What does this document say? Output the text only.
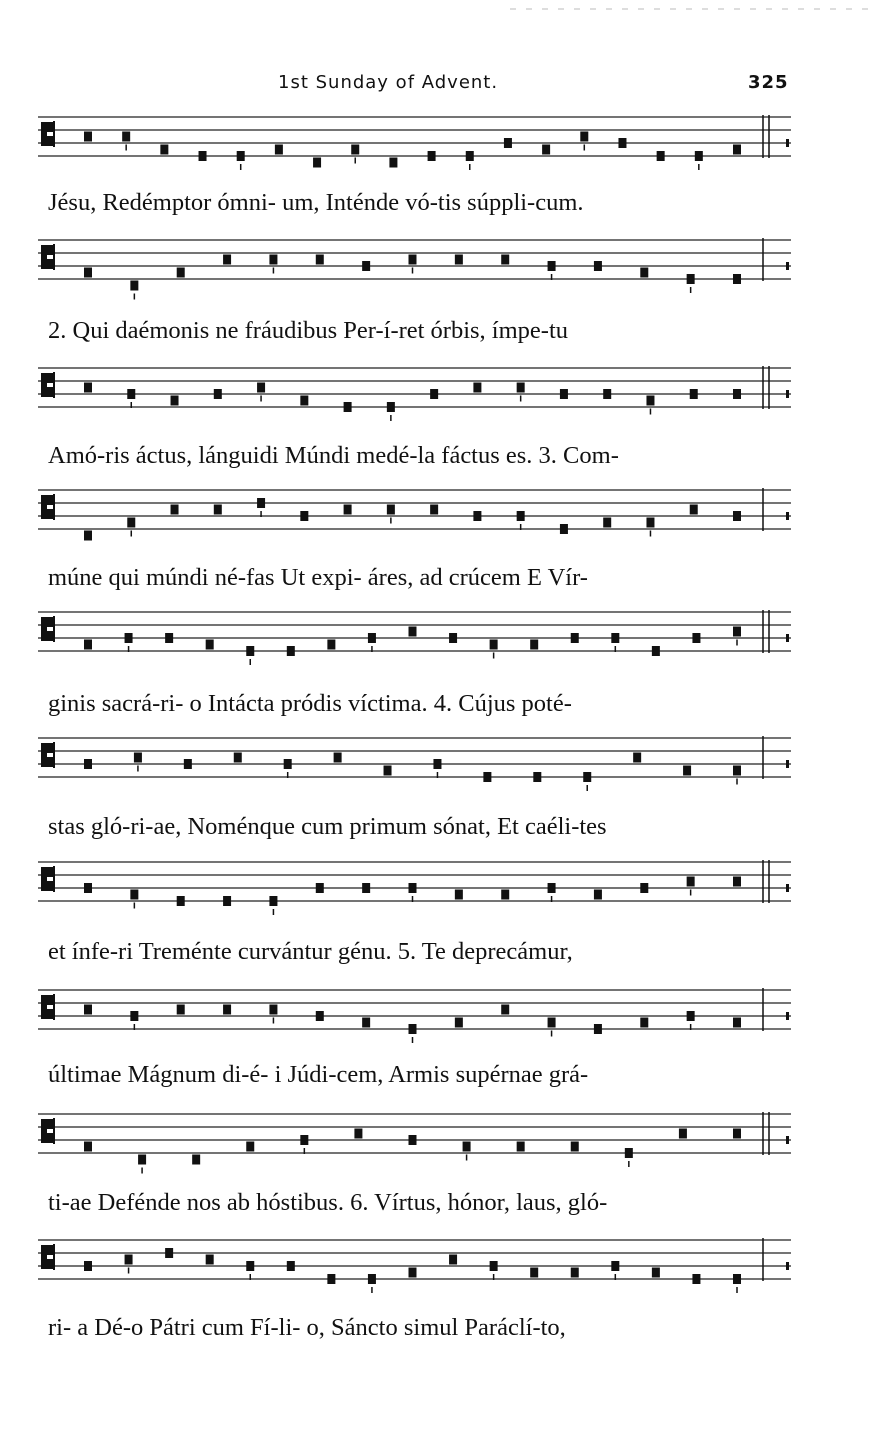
1st Sunday of Advent.	325
Jésu, Redémptor ómni- um, Inténde vó-tis súppli-cum.
2. Qui daémonis ne fráudibus Per-í-ret órbis, ímpe-tu
Amó-ris áctus, lánguidi Múndi medé-la fáctus es. 3. Com-
múne qui múndi né-fas Ut expi- áres, ad crúcem E Vír-
ginis sacrá-ri- o Intácta pródis víctima. 4. Cújus poté-
stas gló-ri-ae, Noménque cum primum sónat, Et caéli-tes
et ínfe-ri Treménte curvántur génu. 5. Te deprecámur,
últimae Mágnum di-é- i Júdi-cem, Armis supérnae grá-
ti-ae Defénde nos ab hóstibus. 6. Vírtus, hónor, laus, gló-
ri- a Dé-o Pátri cum Fí-li- o, Sáncto simul Paráclí-to,
